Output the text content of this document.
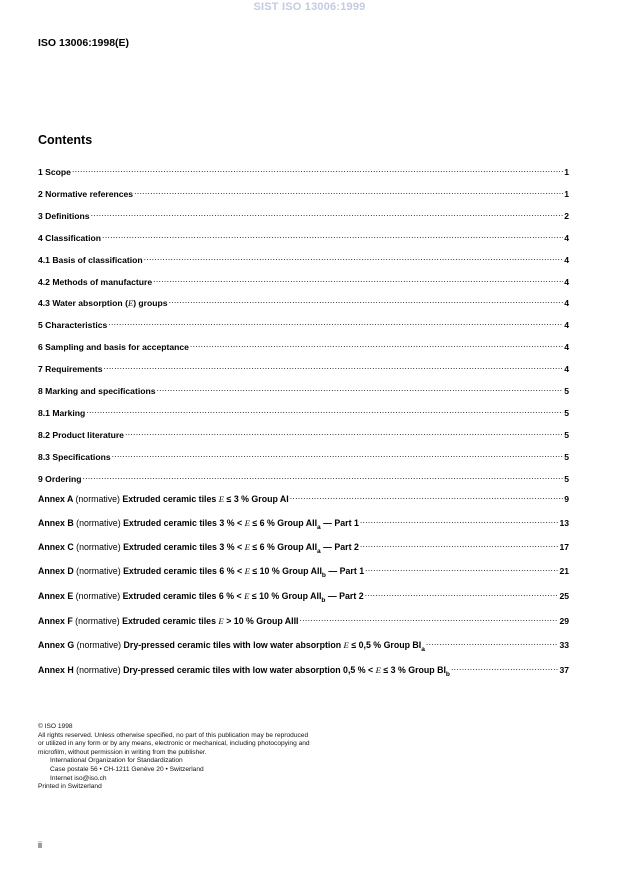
SIST ISO 13006:1999
ISO 13006:1998(E)
Contents
1 Scope .....	1
2 Normative references .....	1
3 Definitions .....	2
4 Classification .....	4
4.1 Basis of classification .....	4
4.2 Methods of manufacture .....	4
4.3 Water absorption (E) groups .....	4
5 Characteristics .....	4
6 Sampling and basis for acceptance .....	4
7 Requirements .....	4
8 Marking and specifications .....	5
8.1 Marking .....	5
8.2 Product literature .....	5
8.3 Specifications .....	5
9 Ordering .....	5
Annex A (normative) Extruded ceramic tiles E ≤ 3 % Group AI .....	9
Annex B (normative) Extruded ceramic tiles 3 % < E ≤ 6 % Group $AII_a$ — Part 1 .....	13
Annex C (normative) Extruded ceramic tiles 3 % < E ≤ 6 % Group $AII_a$ — Part 2 .....	17
Annex D (normative) Extruded ceramic tiles 6 % < E ≤ 10 % Group $AII_b$ — Part 1 .....	21
Annex E (normative) Extruded ceramic tiles 6 % < E ≤ 10 % Group $AII_b$ — Part 2 .....	25
Annex F (normative) Extruded ceramic tiles E > 10 % Group AIII .....	29
Annex G (normative) Dry-pressed ceramic tiles with low water absorption E ≤ 0,5 % Group $BI_a$ .....	33
Annex H (normative) Dry-pressed ceramic tiles with low water absorption 0,5 % < E ≤ 3 % Group $BI_b$ .....	37
© ISO 1998
All rights reserved. Unless otherwise specified, no part of this publication may be reproduced
or utilized in any form or by any means, electronic or mechanical, including photocopying and
microfilm, without permission in writing from the publisher.
International Organization for Standardization
Case postale 56 • CH-1211 Genève 20 • Switzerland
Internet iso@iso.ch
Printed in Switzerland
ii
